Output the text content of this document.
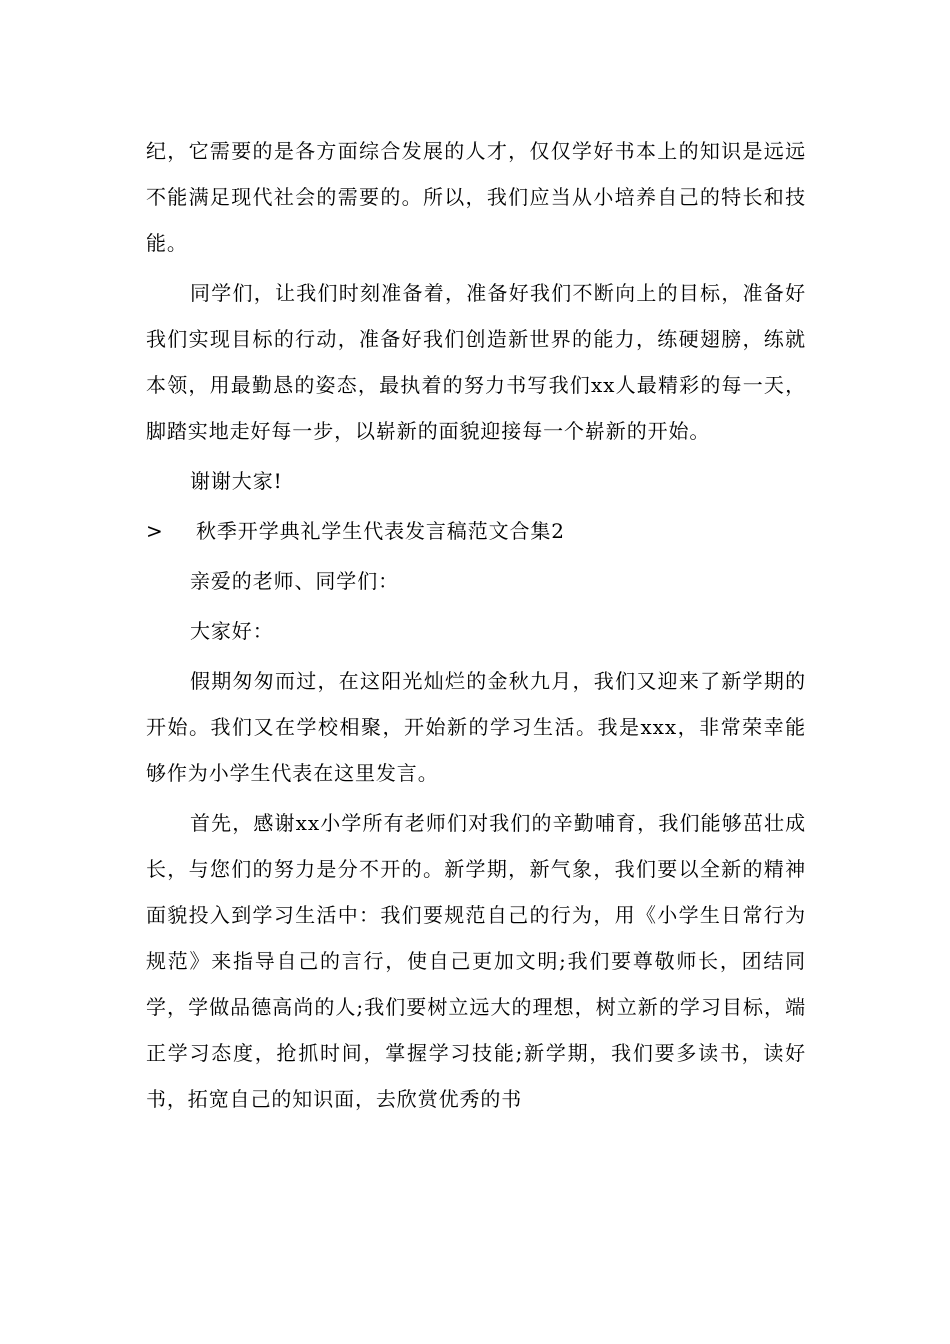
纪，它需要的是各方面综合发展的人才，仅仅学好书本上的知识是远远不能满足现代社会的需要的。所以，我们应当从小培养自己的特长和技能。

同学们，让我们时刻准备着，准备好我们不断向上的目标，准备好我们实现目标的行动，准备好我们创造新世界的能力，练硬翅膀，练就本领，用最勤恳的姿态，最执着的努力书写我们xx人最精彩的每一天，脚踏实地走好每一步，以崭新的面貌迎接每一个崭新的开始。

谢谢大家!

> 秋季开学典礼学生代表发言稿范文合集2

亲爱的老师、同学们：

大家好：

假期匆匆而过，在这阳光灿烂的金秋九月，我们又迎来了新学期的开始。我们又在学校相聚，开始新的学习生活。我是xxx，非常荣幸能够作为小学生代表在这里发言。

首先，感谢xx小学所有老师们对我们的辛勤哺育，我们能够茁壮成长，与您们的努力是分不开的。新学期，新气象，我们要以全新的精神面貌投入到学习生活中：我们要规范自己的行为，用《小学生日常行为规范》来指导自己的言行，使自己更加文明;我们要尊敬师长，团结同学，学做品德高尚的人;我们要树立远大的理想，树立新的学习目标，端正学习态度，抢抓时间，掌握学习技能;新学期，我们要多读书，读好书，拓宽自己的知识面，去欣赏优秀的书
